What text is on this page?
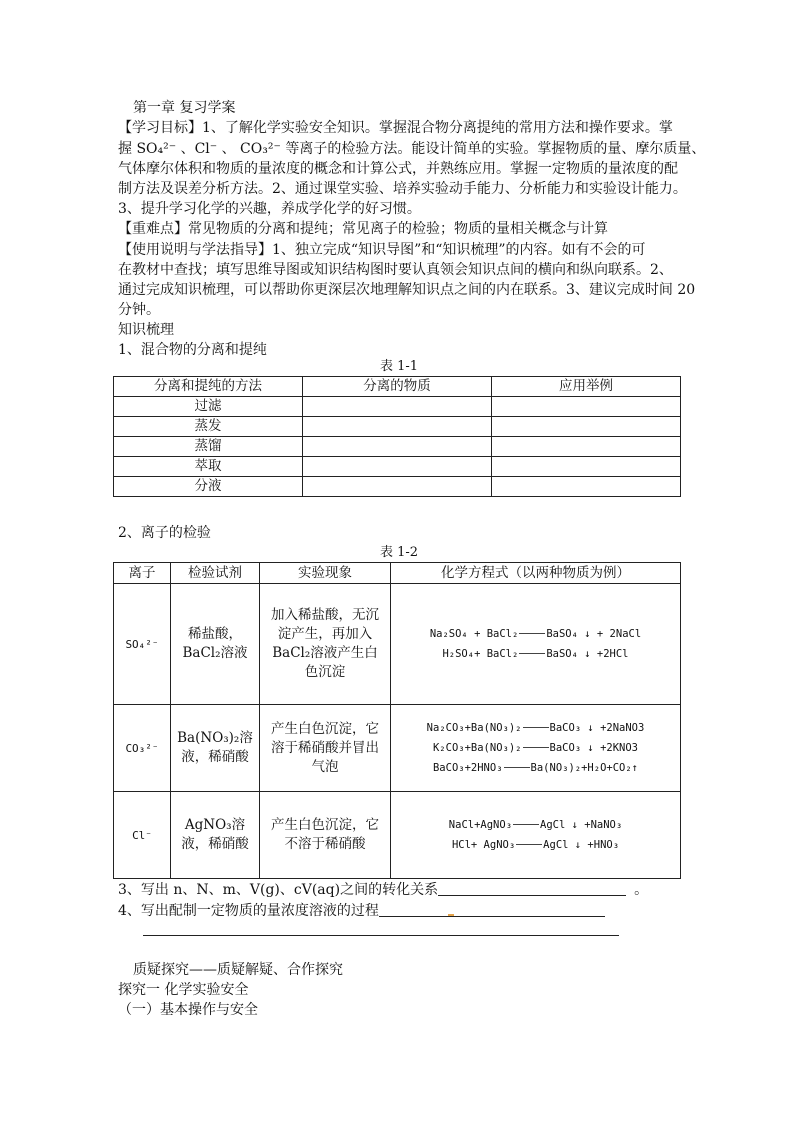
第一章 复习学案
【学习目标】1、了解化学实验安全知识。掌握混合物分离提纯的常用方法和操作要求。掌
握 SO₄²⁻ 、Cl⁻ 、 CO₃²⁻ 等离子的检验方法。能设计简单的实验。掌握物质的量、摩尔质量、
气体摩尔体积和物质的量浓度的概念和计算公式，并熟练应用。掌握一定物质的量浓度的配
制方法及误差分析方法。2、通过课堂实验、培养实验动手能力、分析能力和实验设计能力。
3、提升学习化学的兴趣，养成学化学的好习惯。
【重难点】常见物质的分离和提纯；常见离子的检验；物质的量相关概念与计算
【使用说明与学法指导】1、独立完成“知识导图”和“知识梳理”的内容。如有不会的可
在教材中查找；填写思维导图或知识结构图时要认真领会知识点间的横向和纵向联系。2、
通过完成知识梳理，可以帮助你更深层次地理解知识点之间的内在联系。3、建议完成时间 20
分钟。
知识梳理
1、混合物的分离和提纯
表 1-1
分离和提纯的方法	分离的物质	应用举例
过滤		
蒸发		
蒸馏		
萃取		
分液		
2、离子的检验
表 1-2
离子	检验试剂	实验现象	化学方程式（以两种物质为例）
SO₄²⁻	稀盐酸，BaCl₂溶液	加入稀盐酸，无沉淀产生，再加入BaCl₂溶液产生白色沉淀	Na₂SO₄ + BaCl₂ BaSO₄ ↓ + 2NaCl
H₂SO₄+ BaCl₂ BaSO₄ ↓ +2HCl

CO₃²⁻	Ba(NO₃)₂溶液，稀硝酸	产生白色沉淀，它溶于稀硝酸并冒出气泡	Na₂CO₃+Ba(NO₃)₂ BaCO₃ ↓ +2NaNO3
K₂CO₃+Ba(NO₃)₂ BaCO₃ ↓ +2KNO3
BaCO₃+2HNO₃ Ba(NO₃)₂+H₂O+CO₂↑

Cl⁻	AgNO₃溶液，稀硝酸	产生白色沉淀，它不溶于稀硝酸	NaCl+AgNO₃ AgCl ↓ +NaNO₃
HCl+ AgNO₃ AgCl ↓ +HNO₃
3、写出 n、N、m、V(g)、cV(aq)之间的转化关系	。
4、写出配制一定物质的量浓度溶液的过程
质疑探究——质疑解疑、合作探究
探究一 化学实验安全
（一）基本操作与安全
